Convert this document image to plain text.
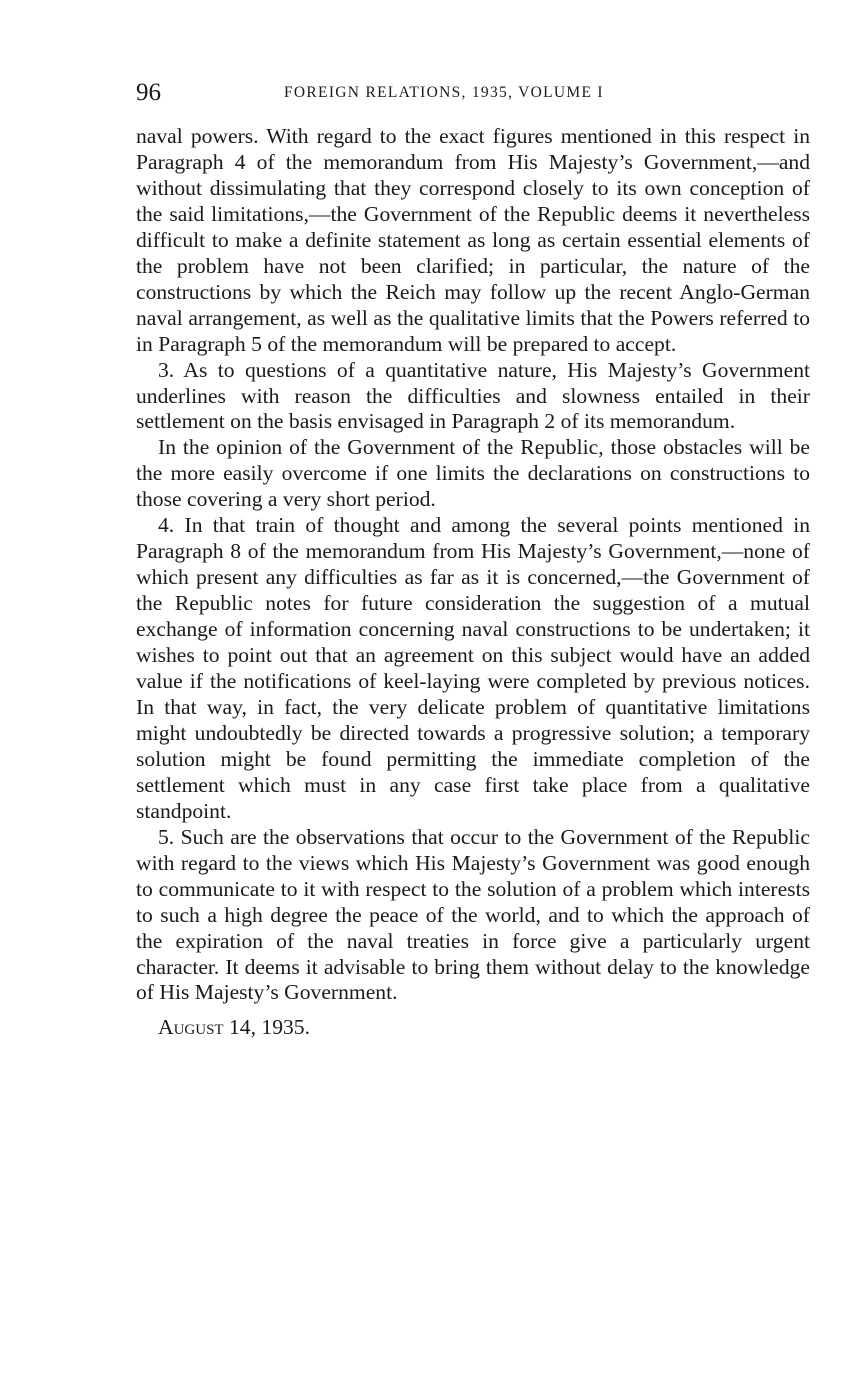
96	FOREIGN RELATIONS, 1935, VOLUME I

naval powers. With regard to the exact figures mentioned in this respect in Paragraph 4 of the memorandum from His Majesty’s Government,—and without dissimulating that they correspond closely to its own conception of the said limitations,—the Government of the Republic deems it nevertheless difficult to make a definite statement as long as certain essential elements of the problem have not been clarified; in particular, the nature of the constructions by which the Reich may follow up the recent Anglo-German naval arrangement, as well as the qualitative limits that the Powers referred to in Paragraph 5 of the memorandum will be prepared to accept.

3. As to questions of a quantitative nature, His Majesty’s Government underlines with reason the difficulties and slowness entailed in their settlement on the basis envisaged in Paragraph 2 of its memorandum.

In the opinion of the Government of the Republic, those obstacles will be the more easily overcome if one limits the declarations on constructions to those covering a very short period.

4. In that train of thought and among the several points mentioned in Paragraph 8 of the memorandum from His Majesty’s Government,—none of which present any difficulties as far as it is concerned,—the Government of the Republic notes for future consideration the suggestion of a mutual exchange of information concerning naval constructions to be undertaken; it wishes to point out that an agreement on this subject would have an added value if the notifications of keel-laying were completed by previous notices. In that way, in fact, the very delicate problem of quantitative limitations might undoubtedly be directed towards a progressive solution; a temporary solution might be found permitting the immediate completion of the settlement which must in any case first take place from a qualitative standpoint.

5. Such are the observations that occur to the Government of the Republic with regard to the views which His Majesty’s Government was good enough to communicate to it with respect to the solution of a problem which interests to such a high degree the peace of the world, and to which the approach of the expiration of the naval treaties in force give a particularly urgent character. It deems it advisable to bring them without delay to the knowledge of His Majesty’s Government.

August 14, 1935.
